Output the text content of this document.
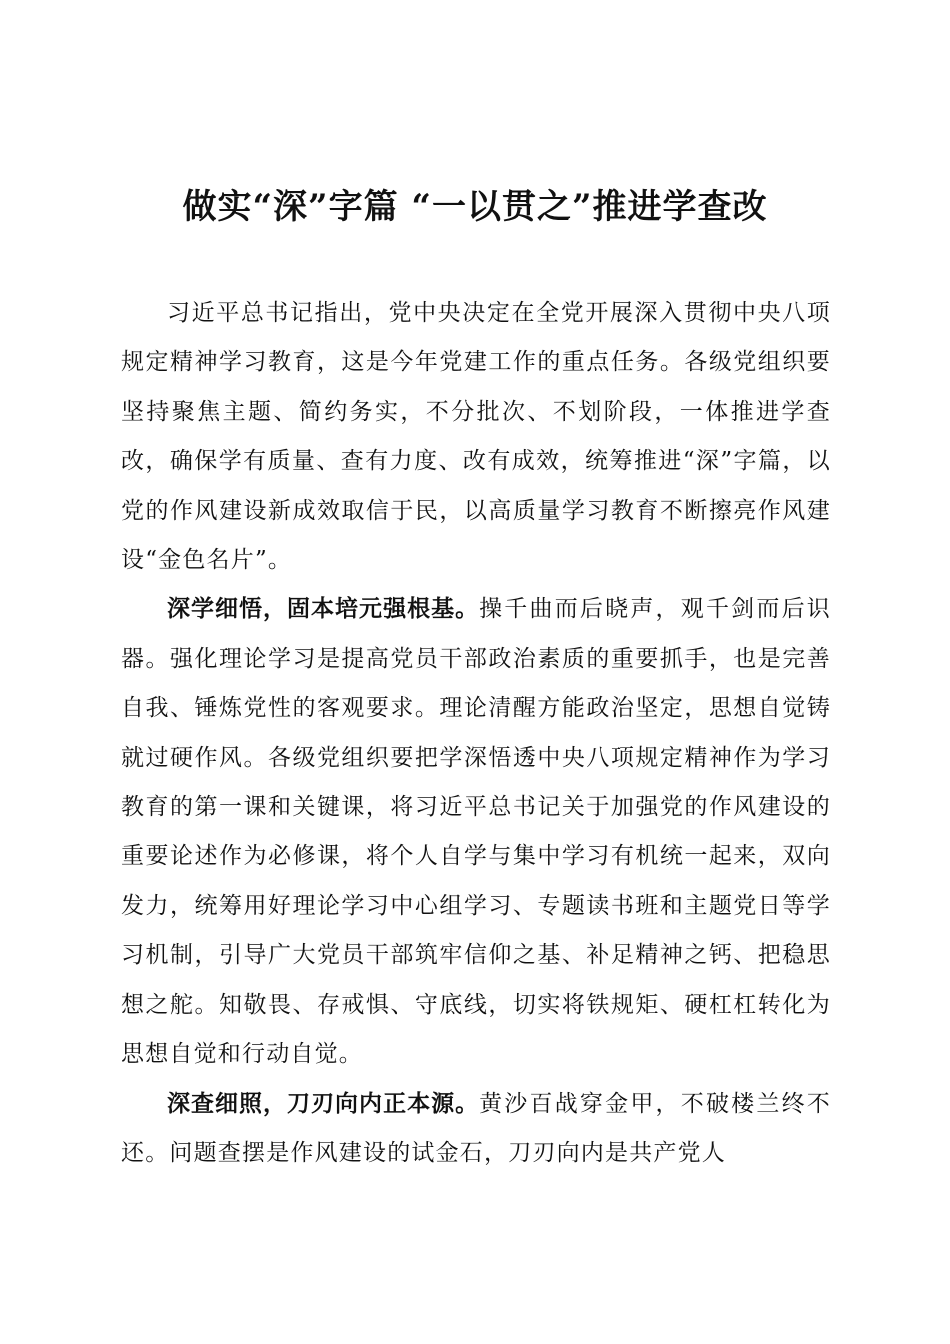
做实“深”字篇 “一以贯之”推进学查改

习近平总书记指出，党中央决定在全党开展深入贯彻中央八项规定精神学习教育，这是今年党建工作的重点任务。各级党组织要坚持聚焦主题、简约务实，不分批次、不划阶段，一体推进学查改，确保学有质量、查有力度、改有成效，统筹推进“深”字篇，以党的作风建设新成效取信于民，以高质量学习教育不断擦亮作风建设“金色名片”。

深学细悟，固本培元强根基。操千曲而后晓声，观千剑而后识器。强化理论学习是提高党员干部政治素质的重要抓手，也是完善自我、锤炼党性的客观要求。理论清醒方能政治坚定，思想自觉铸就过硬作风。各级党组织要把学深悟透中央八项规定精神作为学习教育的第一课和关键课，将习近平总书记关于加强党的作风建设的重要论述作为必修课，将个人自学与集中学习有机统一起来，双向发力，统筹用好理论学习中心组学习、专题读书班和主题党日等学习机制，引导广大党员干部筑牢信仰之基、补足精神之钙、把稳思想之舵。知敬畏、存戒惧、守底线，切实将铁规矩、硬杠杠转化为思想自觉和行动自觉。

深查细照，刀刃向内正本源。黄沙百战穿金甲，不破楼兰终不还。问题查摆是作风建设的试金石，刀刃向内是共产党人
